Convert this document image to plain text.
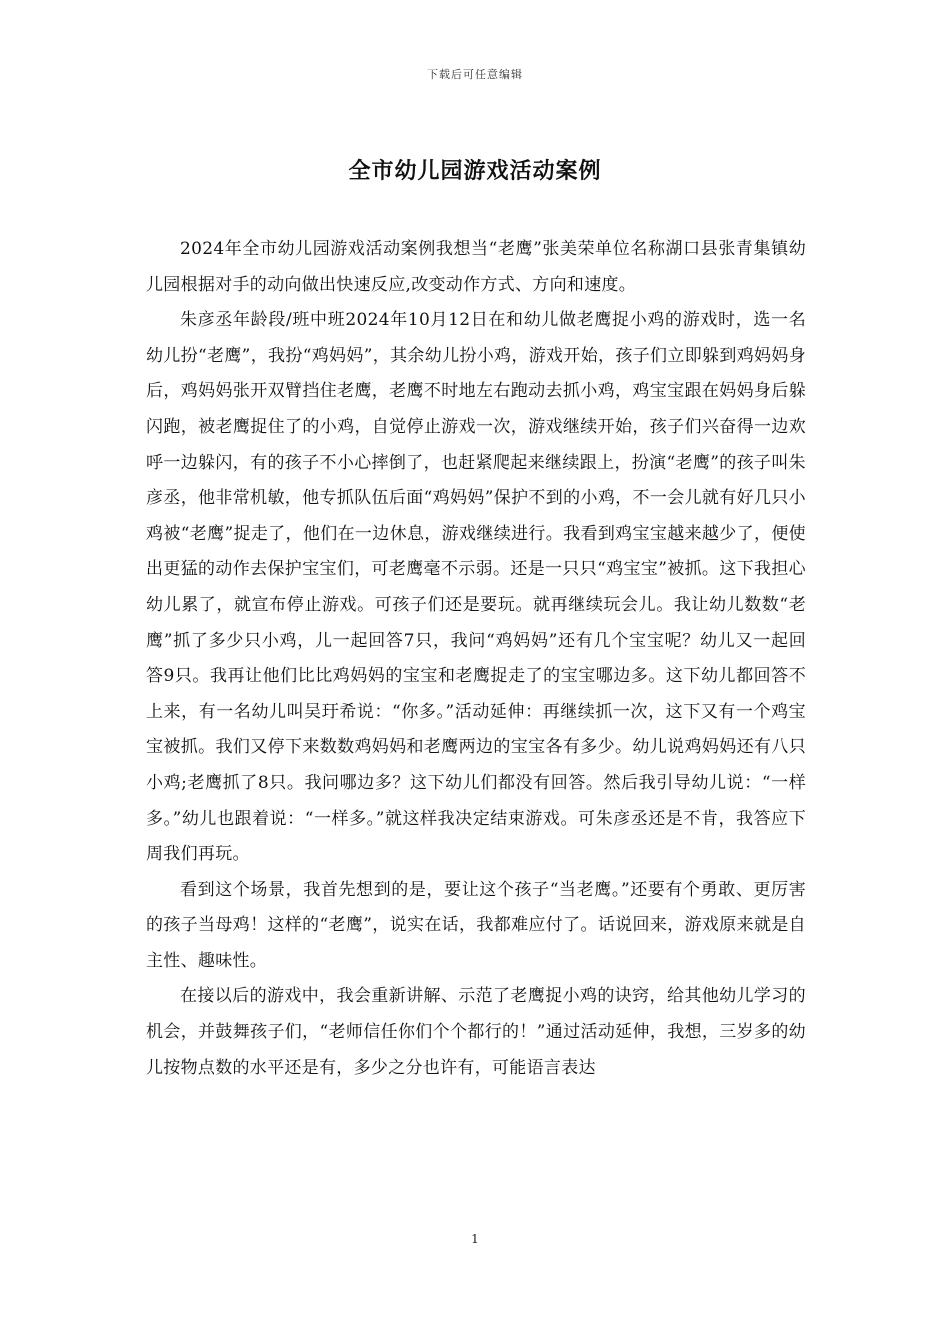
下载后可任意编辑
全市幼儿园游戏活动案例

2024年全市幼儿园游戏活动案例我想当“老鹰”张美荣单位名称湖口县张青集镇幼儿园根据对手的动向做出快速反应,改变动作方式、方向和速度。

朱彦丞年龄段/班中班2024年10月12日在和幼儿做老鹰捉小鸡的游戏时，选一名幼儿扮“老鹰”，我扮“鸡妈妈”，其余幼儿扮小鸡，游戏开始，孩子们立即躲到鸡妈妈身后，鸡妈妈张开双臂挡住老鹰，老鹰不时地左右跑动去抓小鸡，鸡宝宝跟在妈妈身后躲闪跑，被老鹰捉住了的小鸡，自觉停止游戏一次，游戏继续开始，孩子们兴奋得一边欢呼一边躲闪，有的孩子不小心摔倒了，也赶紧爬起来继续跟上，扮演“老鹰”的孩子叫朱彦丞，他非常机敏，他专抓队伍后面“鸡妈妈”保护不到的小鸡，不一会儿就有好几只小鸡被“老鹰”捉走了，他们在一边休息，游戏继续进行。我看到鸡宝宝越来越少了，便使出更猛的动作去保护宝宝们，可老鹰毫不示弱。还是一只只“鸡宝宝”被抓。这下我担心幼儿累了，就宣布停止游戏。可孩子们还是要玩。就再继续玩会儿。我让幼儿数数“老鹰”抓了多少只小鸡，儿一起回答7只，我问“鸡妈妈”还有几个宝宝呢？幼儿又一起回答9只。我再让他们比比鸡妈妈的宝宝和老鹰捉走了的宝宝哪边多。这下幼儿都回答不上来，有一名幼儿叫吴玗希说：“你多。”活动延伸：再继续抓一次，这下又有一个鸡宝宝被抓。我们又停下来数数鸡妈妈和老鹰两边的宝宝各有多少。幼儿说鸡妈妈还有八只小鸡;老鹰抓了8只。我问哪边多？这下幼儿们都没有回答。然后我引导幼儿说：“一样多。”幼儿也跟着说：“一样多。”就这样我决定结束游戏。可朱彦丞还是不肯，我答应下周我们再玩。

看到这个场景，我首先想到的是，要让这个孩子“当老鹰。”还要有个勇敢、更厉害的孩子当母鸡！这样的“老鹰”，说实在话，我都难应付了。话说回来，游戏原来就是自主性、趣味性。

在接以后的游戏中，我会重新讲解、示范了老鹰捉小鸡的诀窍，给其他幼儿学习的机会，并鼓舞孩子们，“老师信任你们个个都行的！”通过活动延伸，我想，三岁多的幼儿按物点数的水平还是有，多少之分也许有，可能语言表达

1
